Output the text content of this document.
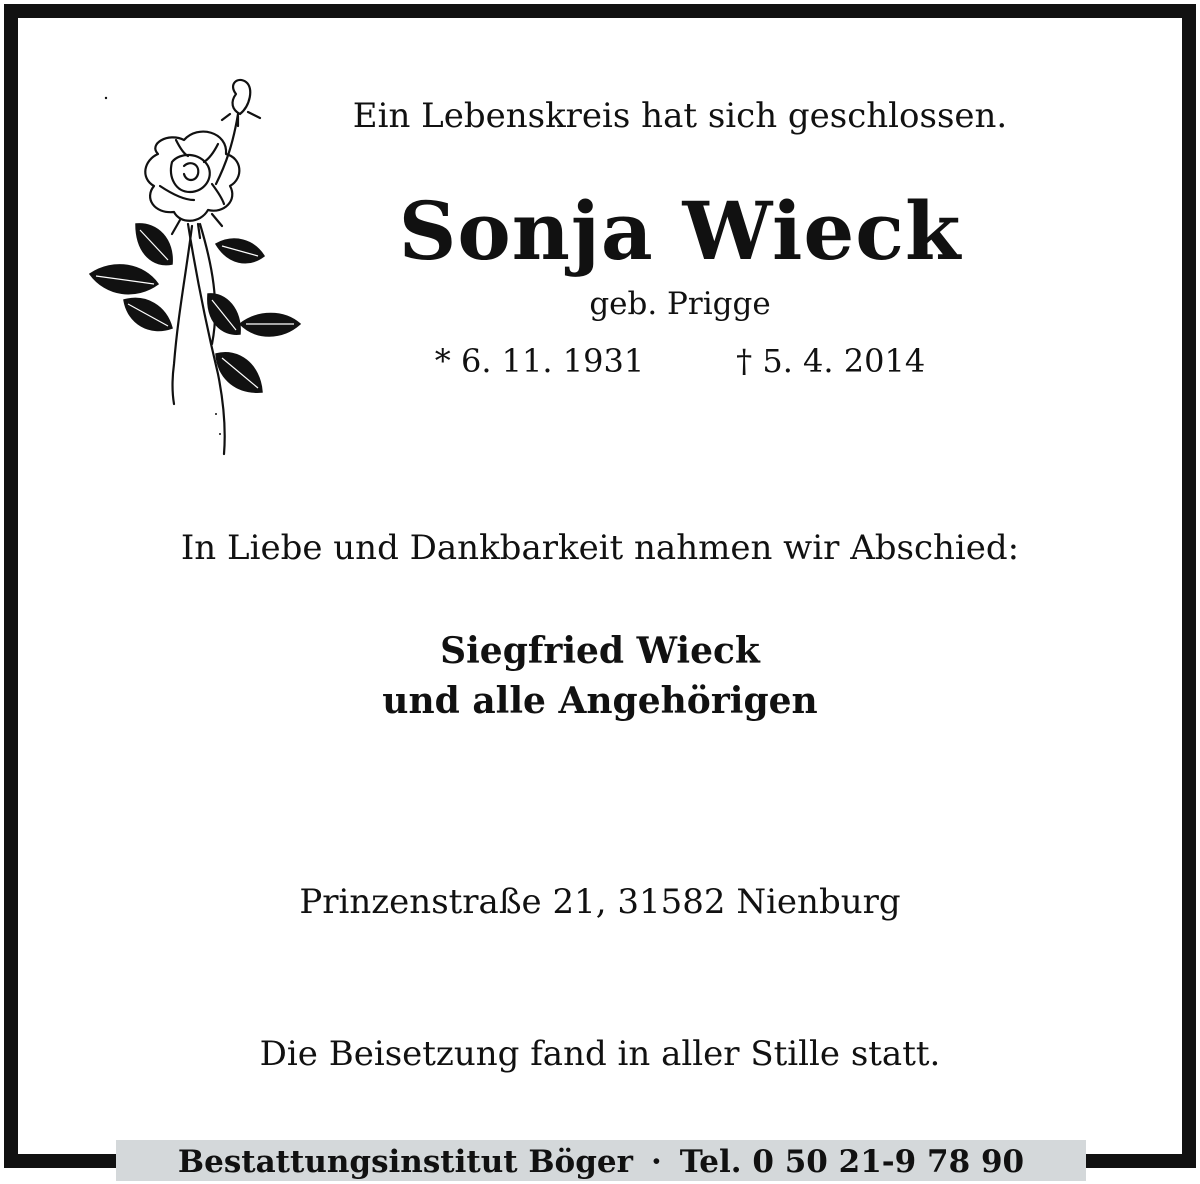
Ein Lebenskreis hat sich geschlossen.
Sonja Wieck
geb. Prigge
* 6. 11. 1931	† 5. 4. 2014
In Liebe und Dankbarkeit nahmen wir Abschied:
Siegfried Wieck
und alle Angehörigen
Prinzenstraße 21, 31582 Nienburg
Die Beisetzung fand in aller Stille statt.
Bestattungsinstitut Böger · Tel. 0 50 21-9 78 90
